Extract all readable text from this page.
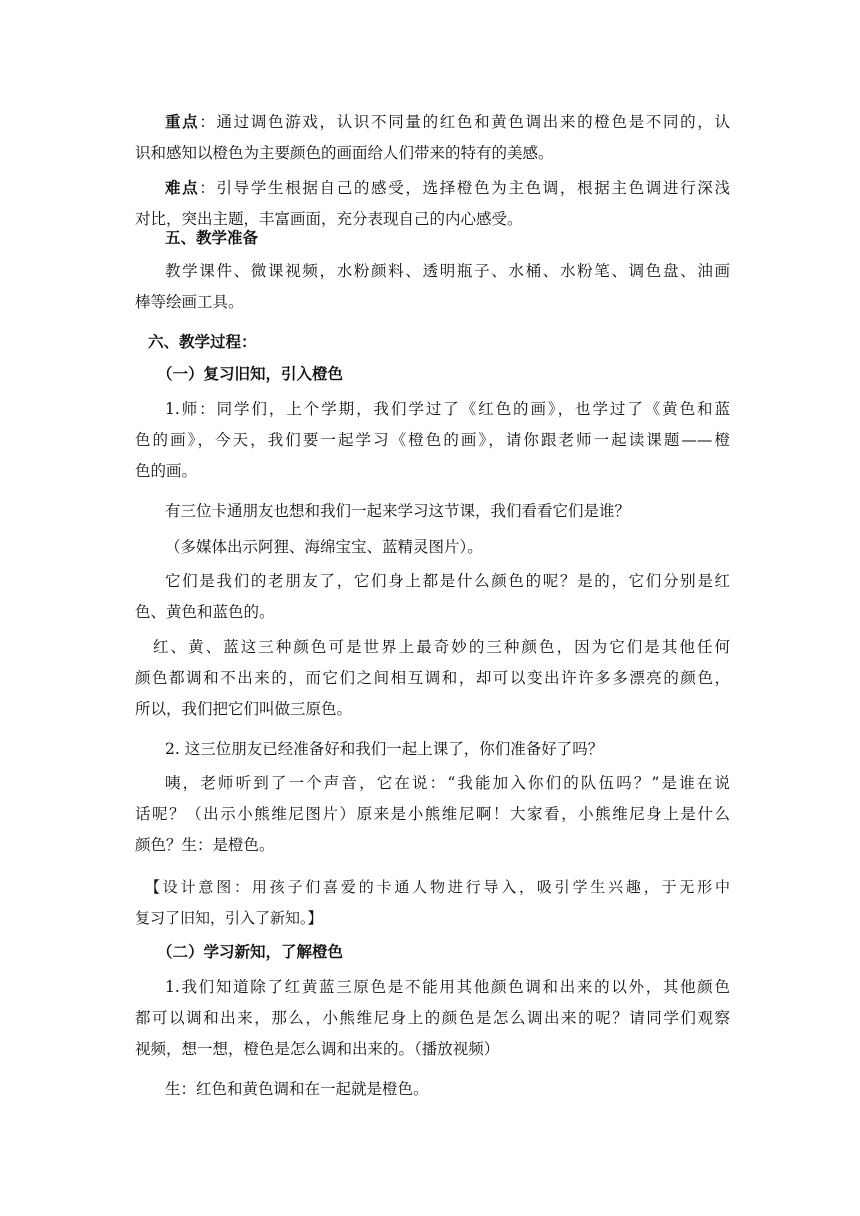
重点：通过调色游戏，认识不同量的红色和黄色调出来的橙色是不同的，认
识和感知以橙色为主要颜色的画面给人们带来的特有的美感。
难点：引导学生根据自己的感受，选择橙色为主色调，根据主色调进行深浅
对比，突出主题，丰富画面，充分表现自己的内心感受。
五、教学准备
教学课件、微课视频，水粉颜料、透明瓶子、水桶、水粉笔、调色盘、油画
棒等绘画工具。
六、教学过程：
（一）复习旧知，引入橙色
1.师：同学们，上个学期，我们学过了《红色的画》，也学过了《黄色和蓝
色的画》，今天，我们要一起学习《橙色的画》，请你跟老师一起读课题——橙
色的画。
有三位卡通朋友也想和我们一起来学习这节课，我们看看它们是谁？
（多媒体出示阿狸、海绵宝宝、蓝精灵图片）。
它们是我们的老朋友了，它们身上都是什么颜色的呢？是的，它们分别是红
色、黄色和蓝色的。
红、黄、蓝这三种颜色可是世界上最奇妙的三种颜色，因为它们是其他任何
颜色都调和不出来的，而它们之间相互调和，却可以变出许许多多漂亮的颜色，
所以，我们把它们叫做三原色。
2. 这三位朋友已经准备好和我们一起上课了，你们准备好了吗？
咦，老师听到了一个声音，它在说：“我能加入你们的队伍吗？”是谁在说
话呢？（出示小熊维尼图片）原来是小熊维尼啊！大家看，小熊维尼身上是什么
颜色？生：是橙色。
【设计意图：用孩子们喜爱的卡通人物进行导入，吸引学生兴趣，于无形中
复习了旧知，引入了新知。】
（二）学习新知，了解橙色
1.我们知道除了红黄蓝三原色是不能用其他颜色调和出来的以外，其他颜色
都可以调和出来，那么，小熊维尼身上的颜色是怎么调出来的呢？请同学们观察
视频，想一想，橙色是怎么调和出来的。（播放视频）
生：红色和黄色调和在一起就是橙色。
